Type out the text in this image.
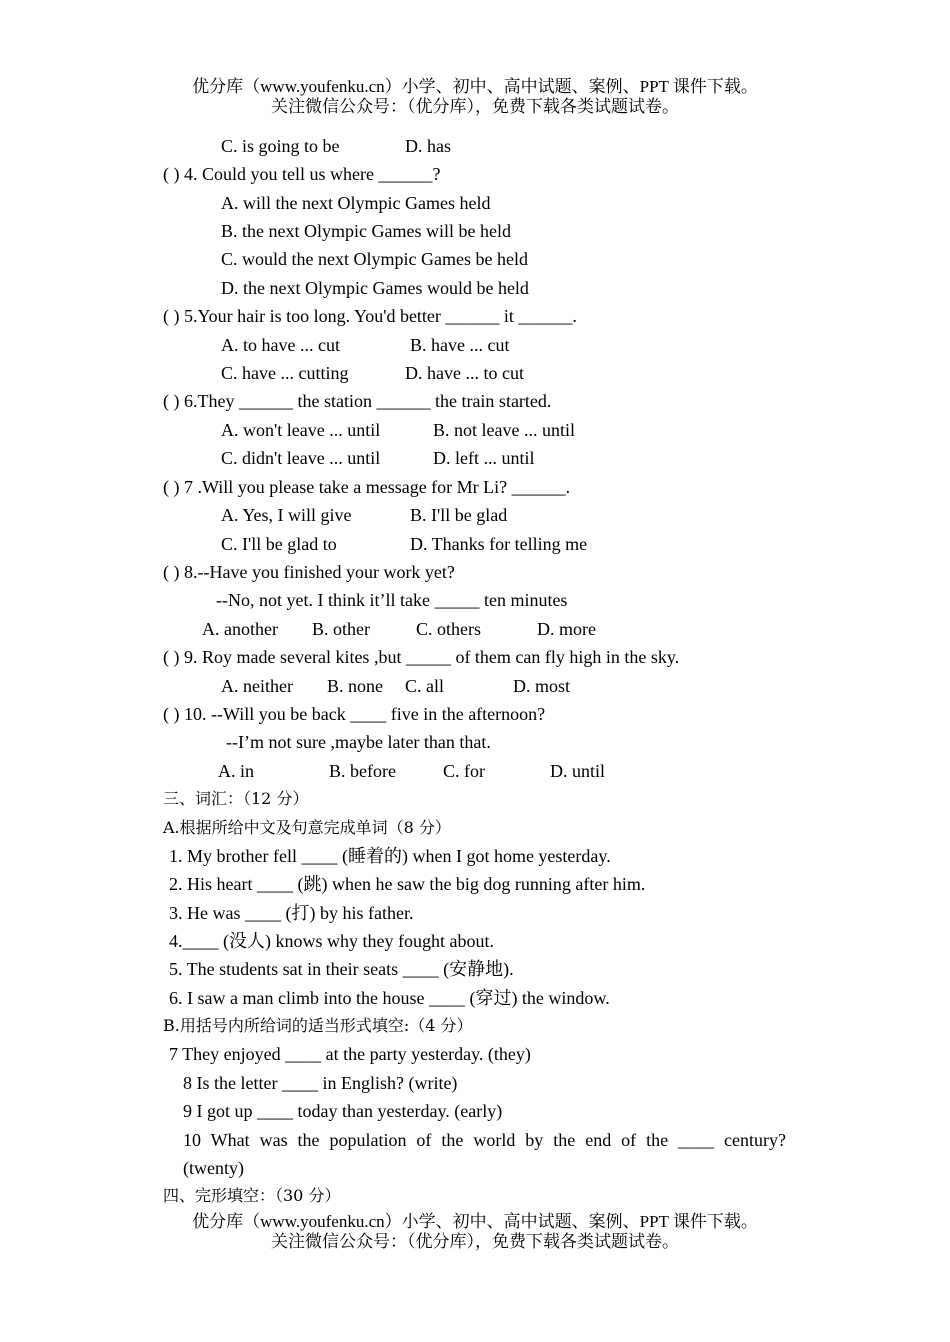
优分库（www.youfenku.cn）小学、初中、高中试题、案例、PPT 课件下载。
关注微信公众号：（优分库），免费下载各类试题试卷。
C. is going to be	D. has
( ) 4. Could you tell us where ______?
A. will the next Olympic Games held
B. the next Olympic Games will be held
C. would the next Olympic Games be held
D. the next Olympic Games would be held
( ) 5.Your hair is too long. You'd better ______ it ______.
A. to have ... cut	B. have ... cut
C. have ... cutting	D. have ... to cut
( ) 6.They ______ the station ______ the train started.
A. won't leave ... until	B. not leave ... until
C. didn't leave ... until	D. left ... until
( ) 7 .Will you please take a message for Mr Li? ______.
A. Yes, I will give	B. I'll be glad
C. I'll be glad to	D. Thanks for telling me
( ) 8.--Have you finished your work yet?
--No, not yet. I think it’ll take _____ ten minutes
A. another B. other	C. others	D. more
( ) 9. Roy made several kites ,but _____ of them can fly high in the sky.
A. neither B. none C. all	D. most
( ) 10. --Will you be back ____ five in the afternoon?
--I’m not sure ,maybe later than that.
A. in	B. before	C. for	D. until
三、词汇：（12 分）
A.根据所给中文及句意完成单词（8 分）
1. My brother fell ____ (睡着的) when I got home yesterday.
2. His heart ____ (跳) when he saw the big dog running after him.
3. He was ____ (打) by his father.
4.____ (没人) knows why they fought about.
5. The students sat in their seats ____ (安静地).
6. I saw a man climb into the house ____ (穿过) the window.
B.用括号内所给词的适当形式填空:（4 分）
7 They enjoyed ____ at the party yesterday. (they)
8 Is the letter ____ in English? (write)
9 I got up ____ today than yesterday. (early)
10 What was the population of the world by the end of the ____ century?
(twenty)
四、完形填空：（30 分）
优分库（www.youfenku.cn）小学、初中、高中试题、案例、PPT 课件下载。
关注微信公众号：（优分库），免费下载各类试题试卷。
